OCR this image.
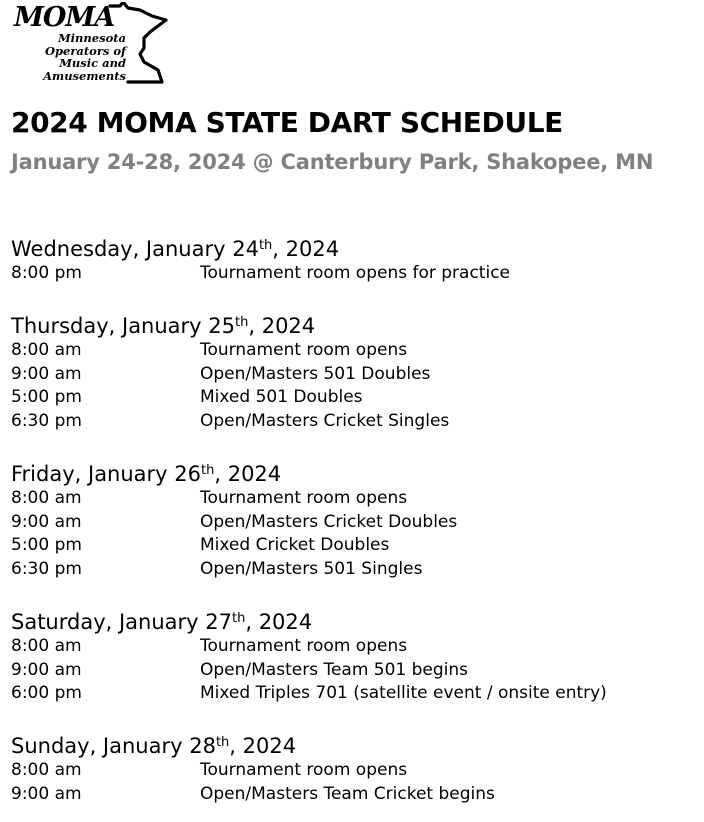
MOMA
Minnesota
Operators of
Music and
Amusements
2024 MOMA STATE DART SCHEDULE
January 24-28, 2024 @ Canterbury Park, Shakopee, MN
Wednesday, January 24th, 2024
8:00 pm	Tournament room opens for practice
Thursday, January 25th, 2024
8:00 am	Tournament room opens
9:00 am	Open/Masters 501 Doubles
5:00 pm	Mixed 501 Doubles
6:30 pm	Open/Masters Cricket Singles
Friday, January 26th, 2024
8:00 am	Tournament room opens
9:00 am	Open/Masters Cricket Doubles
5:00 pm	Mixed Cricket Doubles
6:30 pm	Open/Masters 501 Singles
Saturday, January 27th, 2024
8:00 am	Tournament room opens
9:00 am	Open/Masters Team 501 begins
6:00 pm	Mixed Triples 701 (satellite event / onsite entry)
Sunday, January 28th, 2024
8:00 am	Tournament room opens
9:00 am	Open/Masters Team Cricket begins
